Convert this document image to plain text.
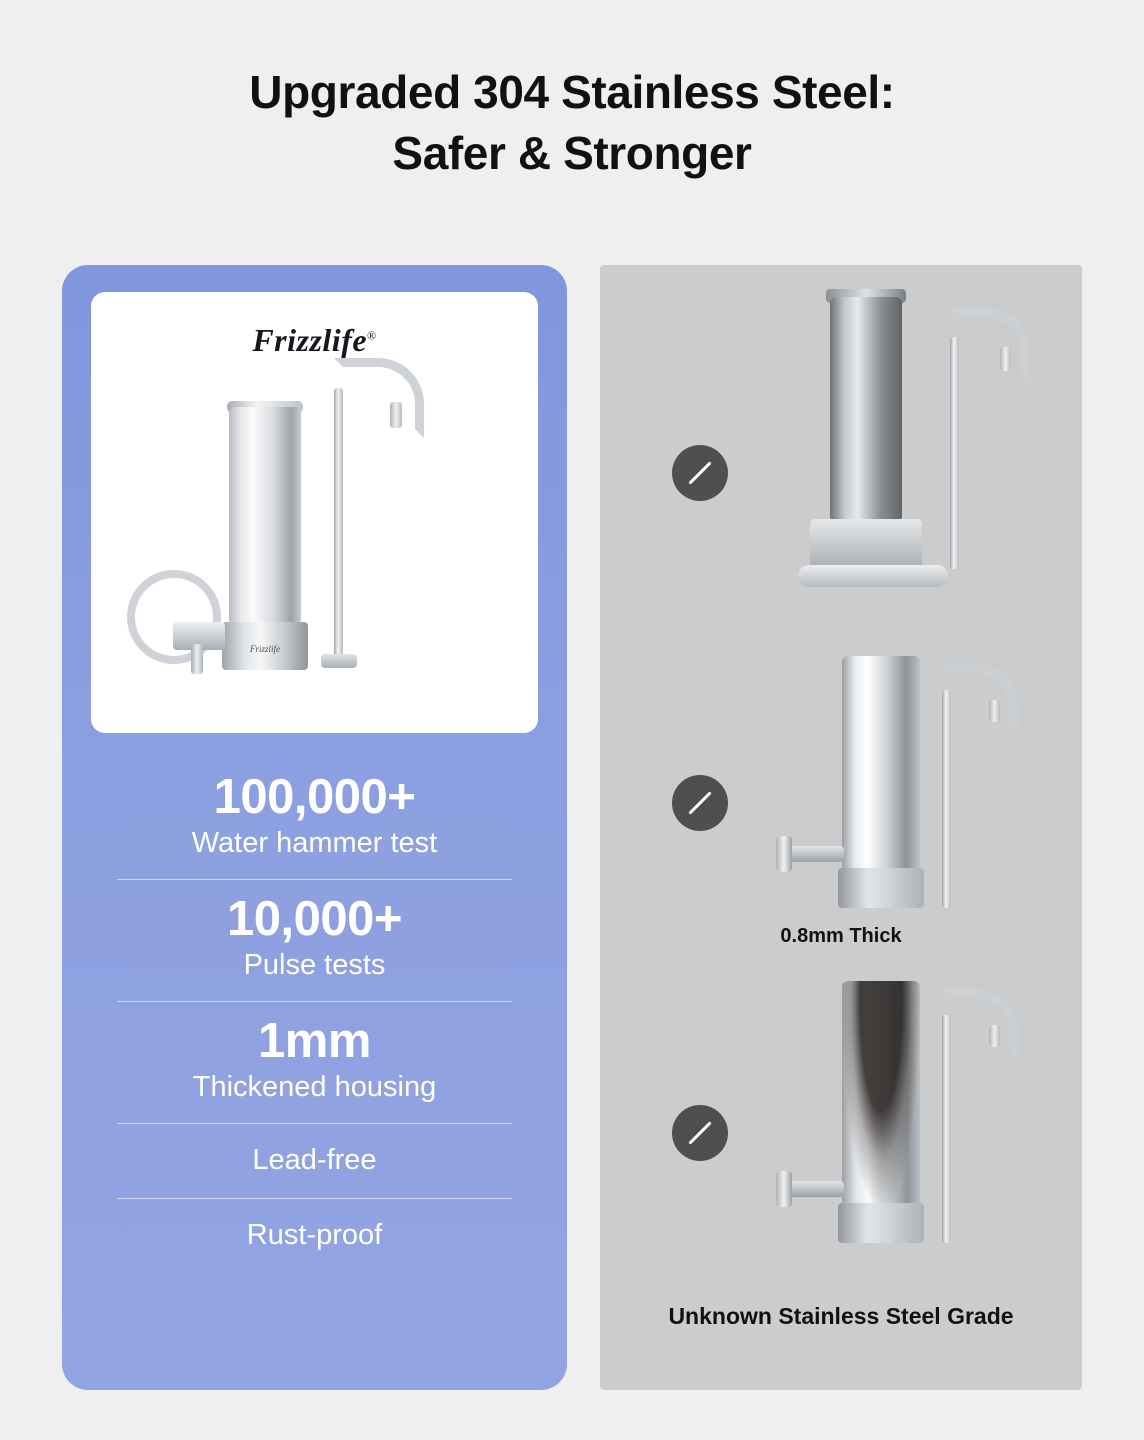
Upgraded 304 Stainless Steel:
Safer & Stronger
Frizzlife®
Frizzlife
100,000+
Water hammer test
10,000+
Pulse tests
1mm
Thickened housing
Lead-free
Rust-proof
0.8mm Thick
Unknown Stainless Steel Grade
